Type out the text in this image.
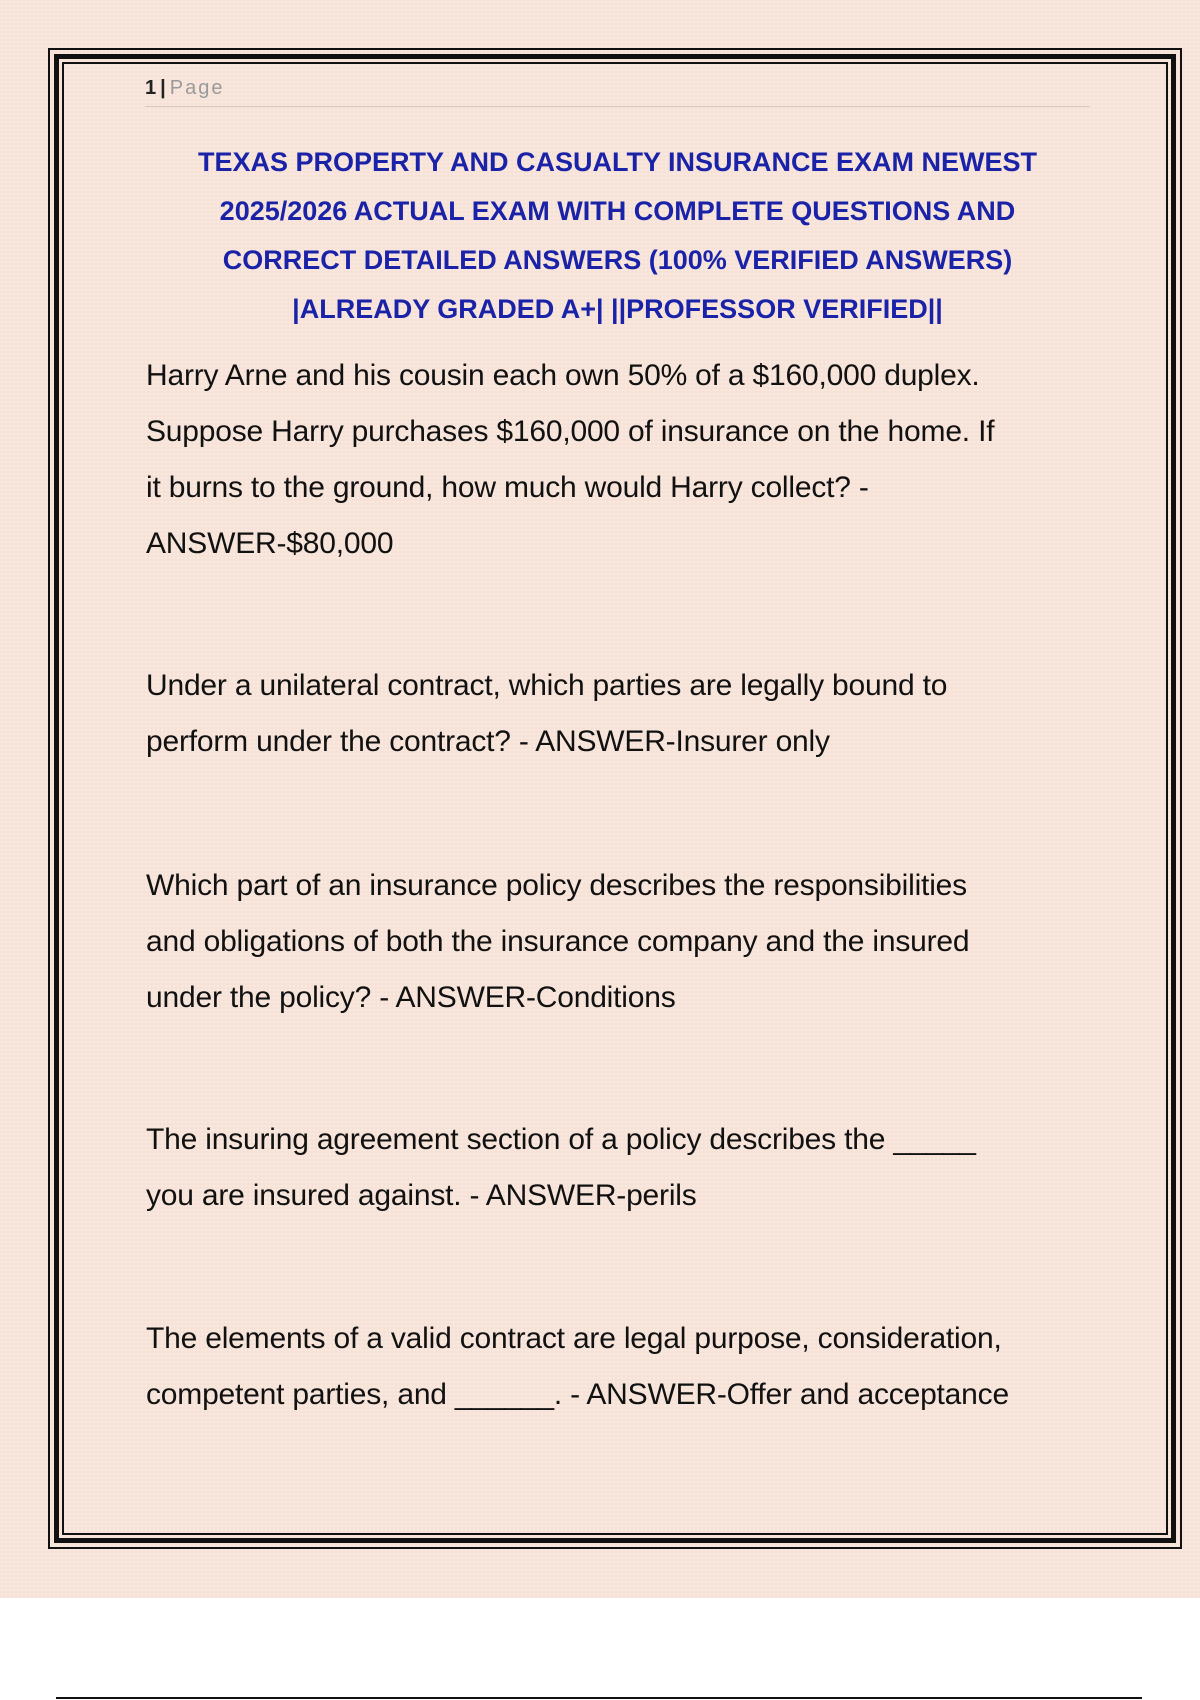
1 | Page
TEXAS PROPERTY AND CASUALTY INSURANCE EXAM NEWEST
2025/2026 ACTUAL EXAM WITH COMPLETE QUESTIONS AND
CORRECT DETAILED ANSWERS (100% VERIFIED ANSWERS)
|ALREADY GRADED A+| ||PROFESSOR VERIFIED||

Harry Arne and his cousin each own 50% of a $160,000 duplex.
Suppose Harry purchases $160,000 of insurance on the home. If
it burns to the ground, how much would Harry collect? -
ANSWER-$80,000

Under a unilateral contract, which parties are legally bound to
perform under the contract? - ANSWER-Insurer only

Which part of an insurance policy describes the responsibilities
and obligations of both the insurance company and the insured
under the policy? - ANSWER-Conditions

The insuring agreement section of a policy describes the _____
you are insured against. - ANSWER-perils

The elements of a valid contract are legal purpose, consideration,
competent parties, and ______. - ANSWER-Offer and acceptance
